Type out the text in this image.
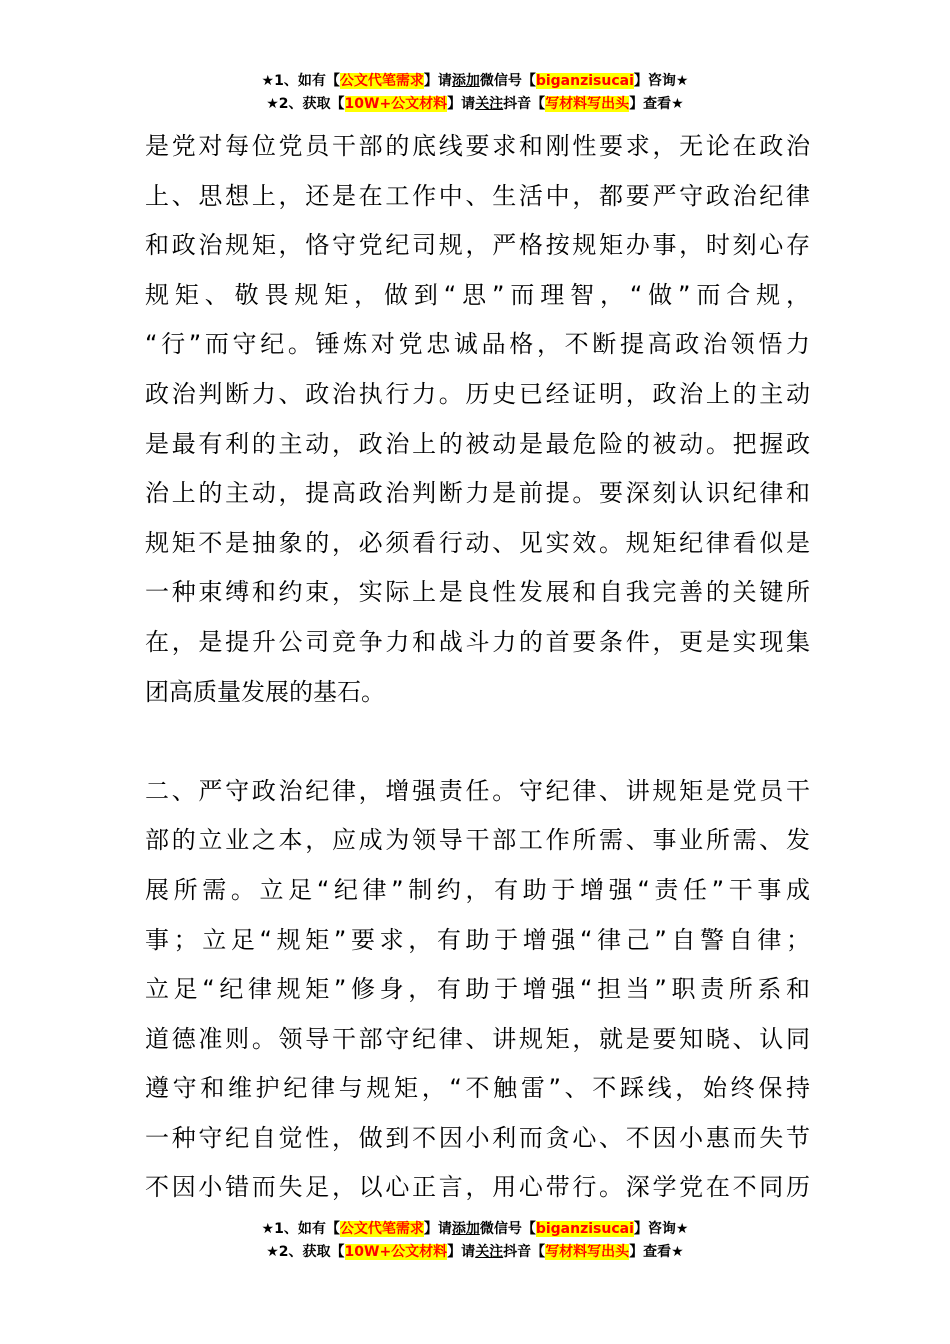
★1、如有【公文代笔需求】请添加微信号【biganzisucai】咨询★
★2、获取【10W+公文材料】请关注抖音【写材料写出头】查看★

是党对每位党员干部的底线要求和刚性要求，无论在政治
上、思想上，还是在工作中、生活中，都要严守政治纪律
和政治规矩，恪守党纪司规，严格按规矩办事，时刻心存
规矩、敬畏规矩，做到“思”而理智，“做”而合规，
“行”而守纪。锤炼对党忠诚品格，不断提高政治领悟力
政治判断力、政治执行力。历史已经证明，政治上的主动
是最有利的主动，政治上的被动是最危险的被动。把握政
治上的主动，提高政治判断力是前提。要深刻认识纪律和
规矩不是抽象的，必须看行动、见实效。规矩纪律看似是
一种束缚和约束，实际上是良性发展和自我完善的关键所
在，是提升公司竞争力和战斗力的首要条件，更是实现集
团高质量发展的基石。

二、严守政治纪律，增强责任。守纪律、讲规矩是党员干
部的立业之本，应成为领导干部工作所需、事业所需、发
展所需。立足“纪律”制约，有助于增强“责任”干事成
事；立足“规矩”要求，有助于增强“律己”自警自律；
立足“纪律规矩”修身，有助于增强“担当”职责所系和
道德准则。领导干部守纪律、讲规矩，就是要知晓、认同
遵守和维护纪律与规矩，“不触雷”、不踩线，始终保持
一种守纪自觉性，做到不因小利而贪心、不因小惠而失节
不因小错而失足，以心正言，用心带行。深学党在不同历

★1、如有【公文代笔需求】请添加微信号【biganzisucai】咨询★
★2、获取【10W+公文材料】请关注抖音【写材料写出头】查看★
